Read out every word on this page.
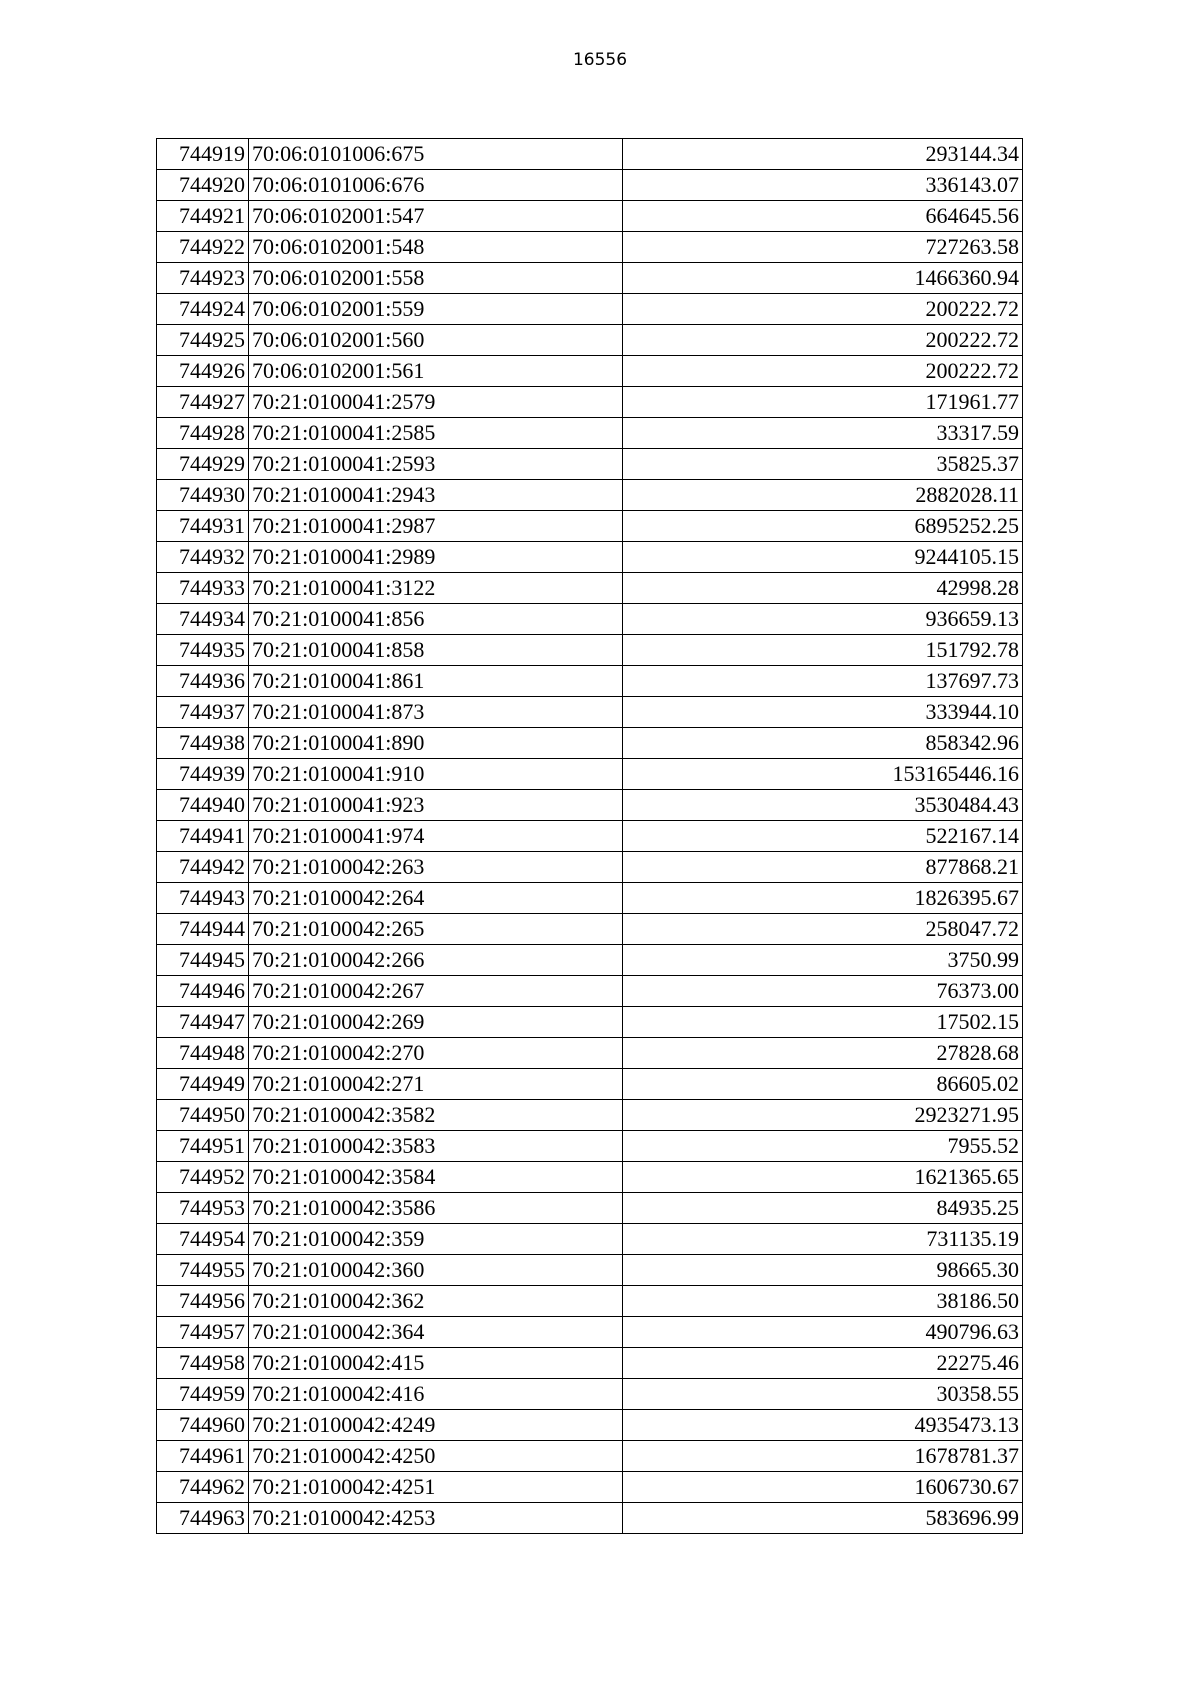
16556
744919	70:06:0101006:675	293144.34
744920	70:06:0101006:676	336143.07
744921	70:06:0102001:547	664645.56
744922	70:06:0102001:548	727263.58
744923	70:06:0102001:558	1466360.94
744924	70:06:0102001:559	200222.72
744925	70:06:0102001:560	200222.72
744926	70:06:0102001:561	200222.72
744927	70:21:0100041:2579	171961.77
744928	70:21:0100041:2585	33317.59
744929	70:21:0100041:2593	35825.37
744930	70:21:0100041:2943	2882028.11
744931	70:21:0100041:2987	6895252.25
744932	70:21:0100041:2989	9244105.15
744933	70:21:0100041:3122	42998.28
744934	70:21:0100041:856	936659.13
744935	70:21:0100041:858	151792.78
744936	70:21:0100041:861	137697.73
744937	70:21:0100041:873	333944.10
744938	70:21:0100041:890	858342.96
744939	70:21:0100041:910	153165446.16
744940	70:21:0100041:923	3530484.43
744941	70:21:0100041:974	522167.14
744942	70:21:0100042:263	877868.21
744943	70:21:0100042:264	1826395.67
744944	70:21:0100042:265	258047.72
744945	70:21:0100042:266	3750.99
744946	70:21:0100042:267	76373.00
744947	70:21:0100042:269	17502.15
744948	70:21:0100042:270	27828.68
744949	70:21:0100042:271	86605.02
744950	70:21:0100042:3582	2923271.95
744951	70:21:0100042:3583	7955.52
744952	70:21:0100042:3584	1621365.65
744953	70:21:0100042:3586	84935.25
744954	70:21:0100042:359	731135.19
744955	70:21:0100042:360	98665.30
744956	70:21:0100042:362	38186.50
744957	70:21:0100042:364	490796.63
744958	70:21:0100042:415	22275.46
744959	70:21:0100042:416	30358.55
744960	70:21:0100042:4249	4935473.13
744961	70:21:0100042:4250	1678781.37
744962	70:21:0100042:4251	1606730.67
744963	70:21:0100042:4253	583696.99
